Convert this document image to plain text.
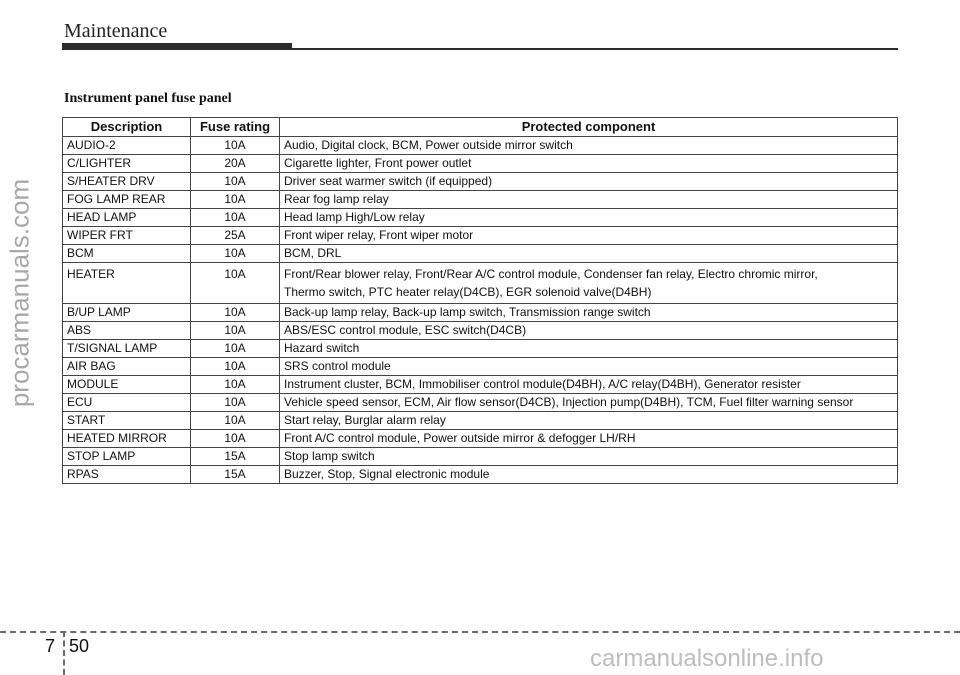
Maintenance
Instrument panel fuse panel
Description	Fuse rating	Protected component
AUDIO-2	10A	Audio, Digital clock, BCM, Power outside mirror switch

C/LIGHTER	20A	Cigarette lighter, Front power outlet

S/HEATER DRV	10A	Driver seat warmer switch (if equipped)

FOG LAMP REAR	10A	Rear fog lamp relay

HEAD LAMP	10A	Head lamp High/Low relay

WIPER FRT	25A	Front wiper relay, Front wiper motor

BCM	10A	BCM, DRL

HEATER	10A	Front/Rear blower relay, Front/Rear A/C control module, Condenser fan relay, Electro chromic mirror,
Thermo switch, PTC heater relay(D4CB), EGR solenoid valve(D4BH)

B/UP LAMP	10A	Back-up lamp relay, Back-up lamp switch, Transmission range switch

ABS	10A	ABS/ESC control module, ESC switch(D4CB)

T/SIGNAL LAMP	10A	Hazard switch

AIR BAG	10A	SRS control module

MODULE	10A	Instrument cluster, BCM, Immobiliser control module(D4BH), A/C relay(D4BH), Generator resister

ECU	10A	Vehicle speed sensor, ECM, Air flow sensor(D4CB), Injection pump(D4BH), TCM, Fuel filter warning sensor

START	10A	Start relay, Burglar alarm relay

HEATED MIRROR	10A	Front A/C control module, Power outside mirror & defogger LH/RH

STOP LAMP	15A	Stop lamp switch

RPAS	15A	Buzzer, Stop, Signal electronic module
procarmanuals.com
7 50	carmanualsonline.info
